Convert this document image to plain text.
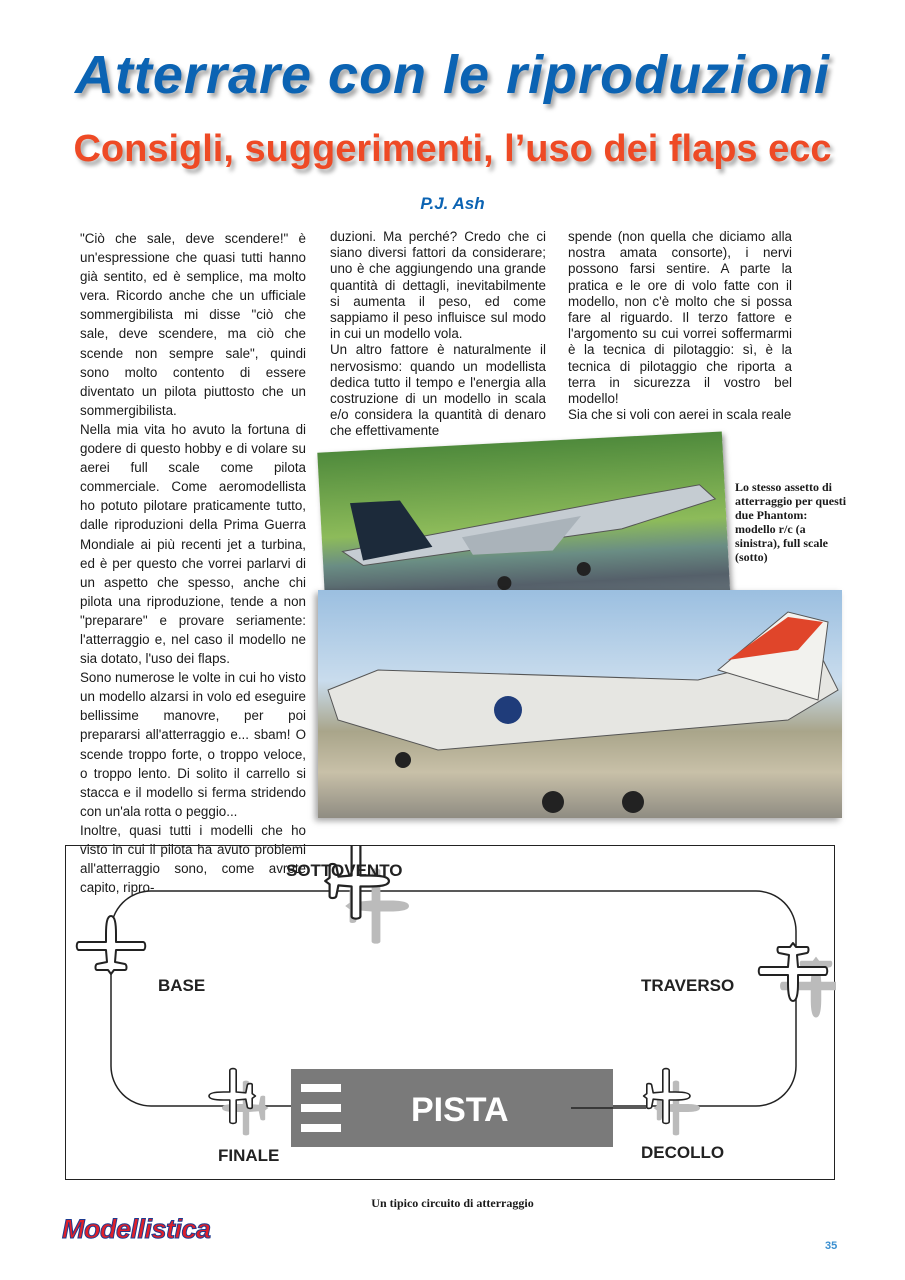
Atterrare con le riproduzioni
Consigli, suggerimenti, l’uso dei flaps ecc
P.J. Ash

"Ciò che sale, deve scendere!" è un'espressione che quasi tutti hanno già sentito, ed è semplice, ma molto vera. Ricordo anche che un ufficiale sommergibilista mi disse "ciò che sale, deve scendere, ma ciò che scende non sempre sale", quindi sono molto contento di essere diventato un pilota piuttosto che un sommergibilista.

Nella mia vita ho avuto la fortuna di godere di questo hobby e di volare su aerei full scale come pilota commerciale. Come aeromodellista ho potuto pilotare praticamente tutto, dalle riproduzioni della Prima Guerra Mondiale ai più recenti jet a turbina, ed è per questo che vorrei parlarvi di un aspetto che spesso, anche chi pilota una riproduzione, tende a non "preparare" e provare seriamente: l'atterraggio e, nel caso il modello ne sia dotato, l'uso dei flaps.

Sono numerose le volte in cui ho visto un modello alzarsi in volo ed eseguire bellissime manovre, per poi prepararsi all'atterraggio e... sbam! O scende troppo forte, o troppo veloce, o troppo lento. Di solito il carrello si stacca e il modello si ferma stridendo con un'ala rotta o peggio...

Inoltre, quasi tutti i modelli che ho visto in cui il pilota ha avuto problemi all'atterraggio sono, come avrete capito, ripro-

duzioni. Ma perché? Credo che ci siano diversi fattori da considerare; uno è che aggiungendo una grande quantità di dettagli, inevitabilmente si aumenta il peso, ed come sappiamo il peso influisce sul modo in cui un modello vola.

Un altro fattore è naturalmente il nervosismo: quando un modellista dedica tutto il tempo e l'energia alla costruzione di un modello in scala e/o considera la quantità di denaro che effettivamente

spende (non quella che diciamo alla nostra amata consorte), i nervi possono farsi sentire. A parte la pratica e le ore di volo fatte con il modello, non c'è molto che si possa fare al riguardo. Il terzo fattore e l'argomento su cui vorrei soffermarmi è la tecnica di pilotaggio: sì, è la tecnica di pilotaggio che riporta a terra in sicurezza il vostro bel modello!

Sia che si voli con aerei in scala reale

Lo stesso assetto di atterraggio per questi due Phantom: modello r/c (a sinistra), full scale (sotto)
SOTTOVENTO
BASE	TRAVERSO
FINALE	DECOLLO
PISTA
Un tipico circuito di atterraggio
Modellistica
35
